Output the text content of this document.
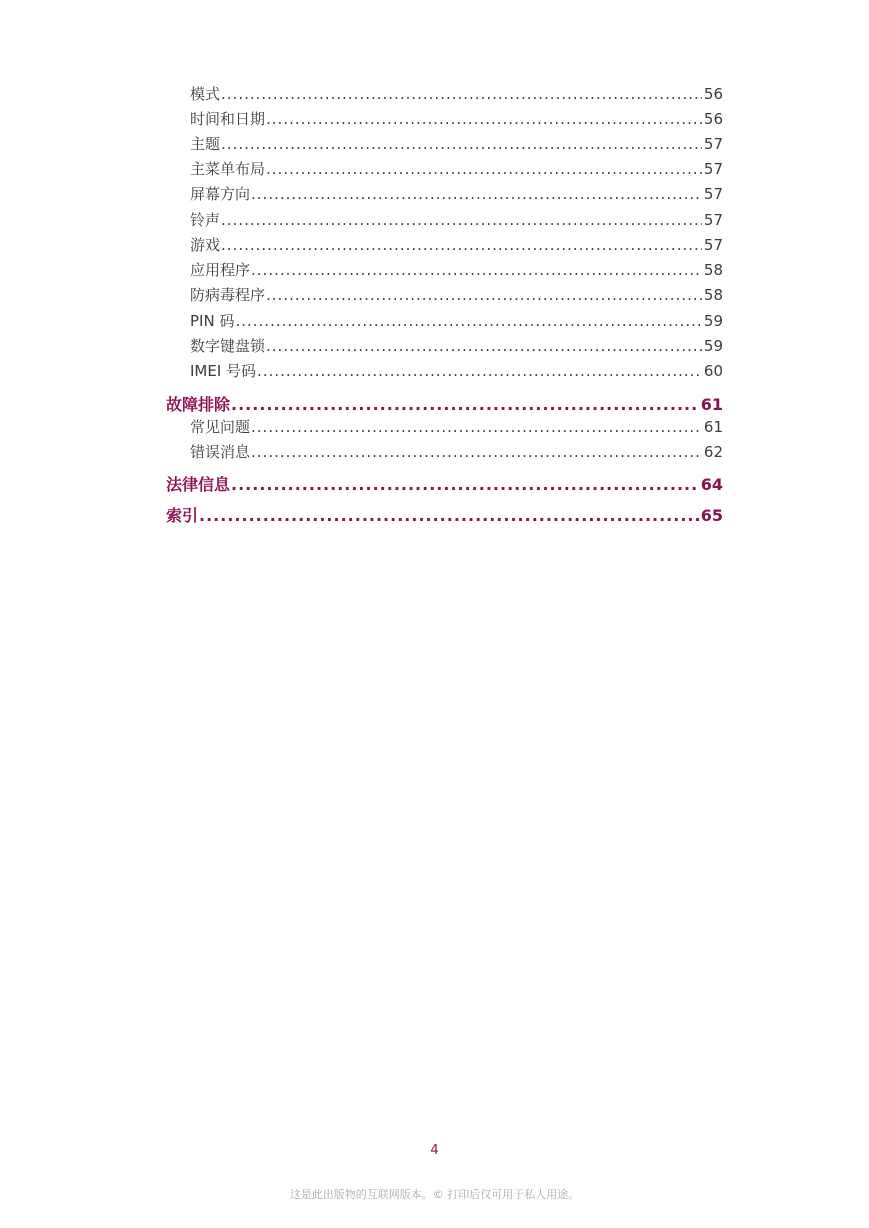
模式 .....	56
时间和日期 .....	56
主题 .....	57
主菜单布局 .....	57
屏幕方向 .....	57
铃声 .....	57
游戏 .....	57
应用程序 .....	58
防病毒程序 .....	58
PIN 码 .....	59
数字键盘锁 .....	59
IMEI 号码 .....	60
故障排除 .....	61
常见问题 .....	61
错误消息 .....	62
法律信息 .....	64
索引 .....	65
4
这是此出版物的互联网版本。© 打印后仅可用于私人用途。
